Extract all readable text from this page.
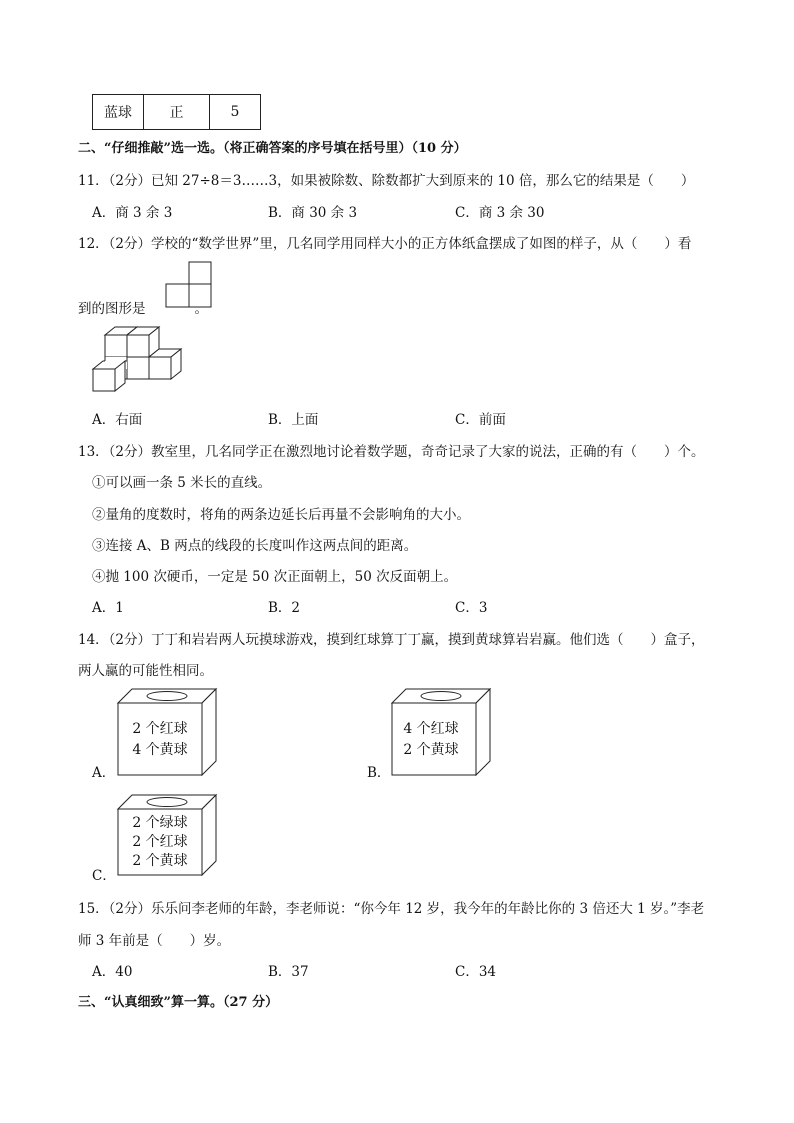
蓝球	正	5
二、“仔细推敲”选一选。（将正确答案的序号填在括号里）（10 分）
11．（2分）已知 27÷8＝3……3，如果被除数、除数都扩大到原来的 10 倍，那么它的结果是（　　）
A．商 3 余 3	B．商 30 余 3	C．商 3 余 30
12．（2分）学校的“数学世界”里，几名同学用同样大小的正方体纸盒摆成了如图的样子，从（　　）看
到的图形是	。
A．右面	B．上面	C．前面
13．（2分）教室里，几名同学正在激烈地讨论着数学题，奇奇记录了大家的说法，正确的有（　　）个。
①可以画一条 5 米长的直线。
②量角的度数时，将角的两条边延长后再量不会影响角的大小。
③连接 A、B 两点的线段的长度叫作这两点间的距离。
④抛 100 次硬币，一定是 50 次正面朝上，50 次反面朝上。
A．1	B．2	C．3
14．（2分）丁丁和岩岩两人玩摸球游戏，摸到红球算丁丁赢，摸到黄球算岩岩赢。他们选（　　）盒子，
两人赢的可能性相同。
2 个红球
4 个黄球
A．
4 个红球
2 个黄球
B．
2 个绿球
2 个红球
2 个黄球
C．
15．（2分）乐乐问李老师的年龄，李老师说：“你今年 12 岁，我今年的年龄比你的 3 倍还大 1 岁。”李老
师 3 年前是（　　）岁。
A．40	B．37	C．34
三、“认真细致”算一算。（27 分）
